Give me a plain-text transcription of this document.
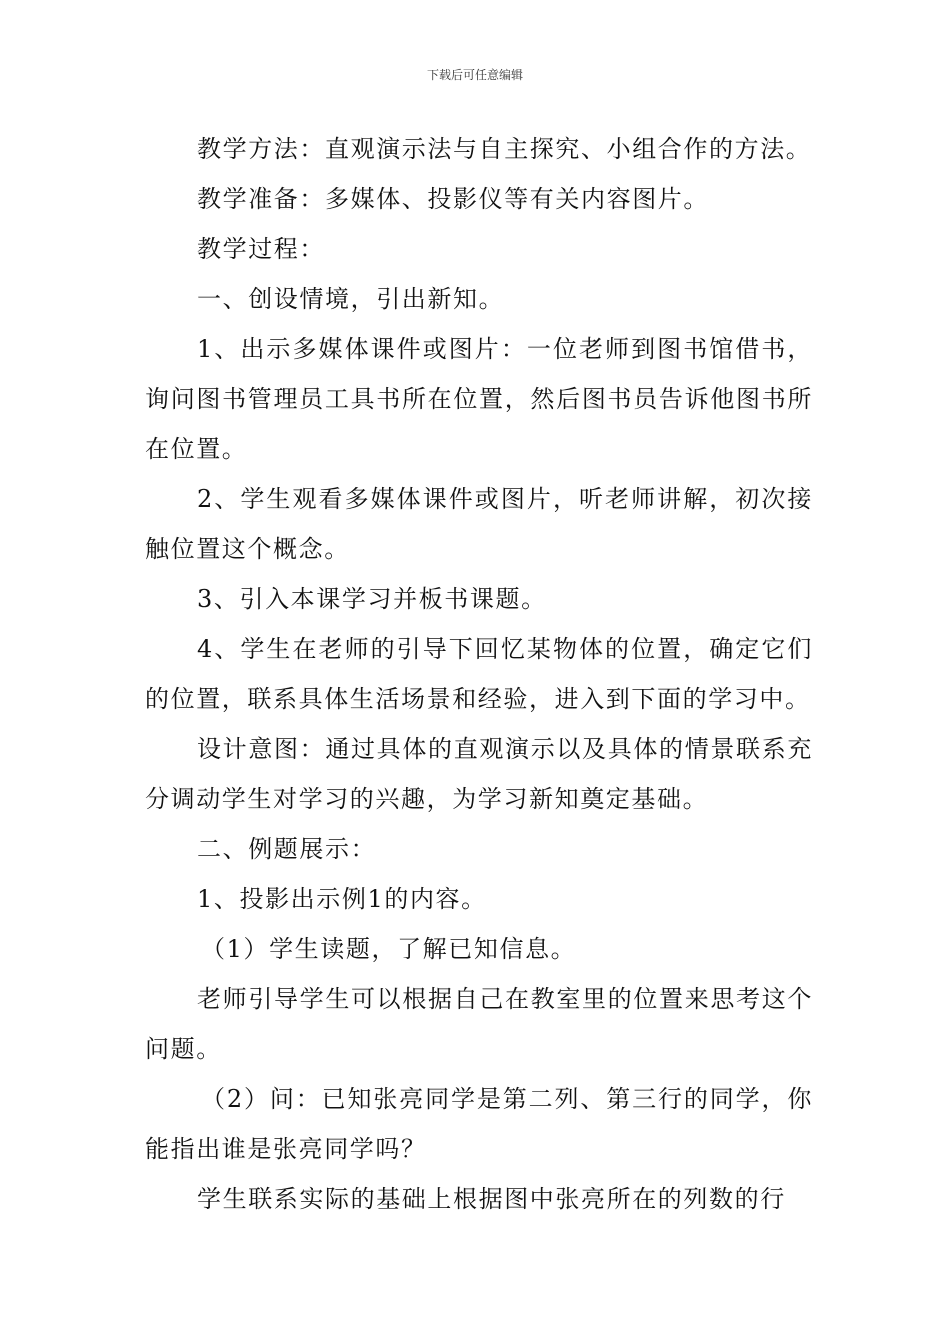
下载后可任意编辑

教学方法：直观演示法与自主探究、小组合作的方法。

教学准备：多媒体、投影仪等有关内容图片。

教学过程：

一、创设情境，引出新知。

1、出示多媒体课件或图片：一位老师到图书馆借书，询问图书管理员工具书所在位置，然后图书员告诉他图书所在位置。

2、学生观看多媒体课件或图片，听老师讲解，初次接触位置这个概念。

3、引入本课学习并板书课题。

4、学生在老师的引导下回忆某物体的位置，确定它们的位置，联系具体生活场景和经验，进入到下面的学习中。

设计意图：通过具体的直观演示以及具体的情景联系充分调动学生对学习的兴趣，为学习新知奠定基础。

二、例题展示：

1、投影出示例1的内容。

（1）学生读题，了解已知信息。

老师引导学生可以根据自己在教室里的位置来思考这个问题。

（2）问：已知张亮同学是第二列、第三行的同学，你能指出谁是张亮同学吗？

学生联系实际的基础上根据图中张亮所在的列数的行
